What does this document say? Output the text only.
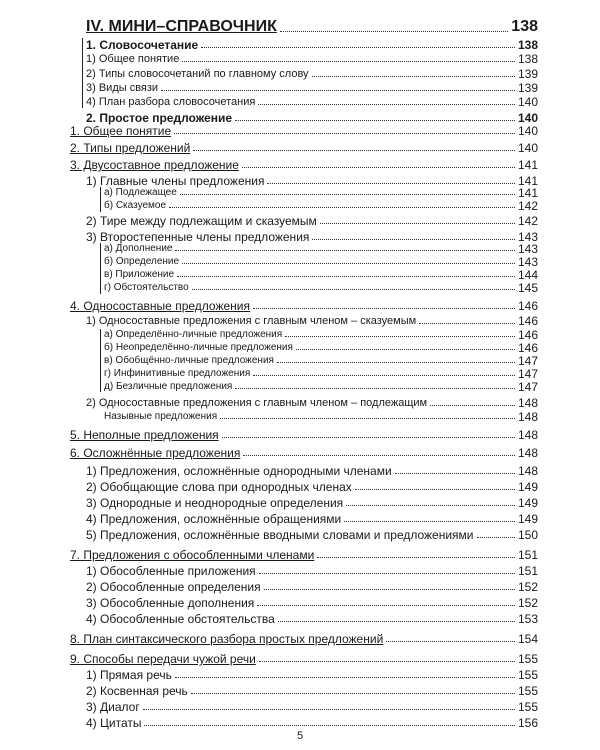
IV. МИНИ–СПРАВОЧНИК	138
1. Словосочетание	138
1) Общее понятие	138
2) Типы словосочетаний по главному слову	139
3) Виды связи	139
4) План разбора словосочетания	140
2. Простое предложение	140
1. Общее понятие	140
2. Типы предложений	140
3. Двусоставное предложение	141
1) Главные члены предложения	141
а) Подлежащее	141
б) Сказуемое	142
2) Тире между подлежащим и сказуемым	142
3) Второстепенные члены предложения	143
а) Дополнение	143
б) Определение	143
в) Приложение	144
г) Обстоятельство	145
4. Односоставные предложения	146
1) Односоставные предложения с главным членом – сказуемым	146
а) Определённо-личные предложения	146
б) Неопределённо-личные предложения	146
в) Обобщённо-личные предложения	147
г) Инфинитивные предложения	147
д) Безличные предложения	147
2) Односоставные предложения с главным членом – подлежащим	148
Назывные предложения	148
5. Неполные предложения	148
6. Осложнённые предложения	148
1) Предложения, осложнённые однородными членами	148
2) Обобщающие слова при однородных членах	149
3) Однородные и неоднородные определения	149
4) Предложения, осложнённые обращениями	149
5) Предложения, осложнённые вводными словами и предложениями	150
7. Предложения с обособленными членами	151
1) Обособленные приложения	151
2) Обособленные определения	152
3) Обособленные дополнения	152
4) Обособленные обстоятельства	153
8. План синтаксического разбора простых предложений	154
9. Способы передачи чужой речи	155
1) Прямая речь	155
2) Косвенная речь	155
3) Диалог	155
4) Цитаты	156
5
